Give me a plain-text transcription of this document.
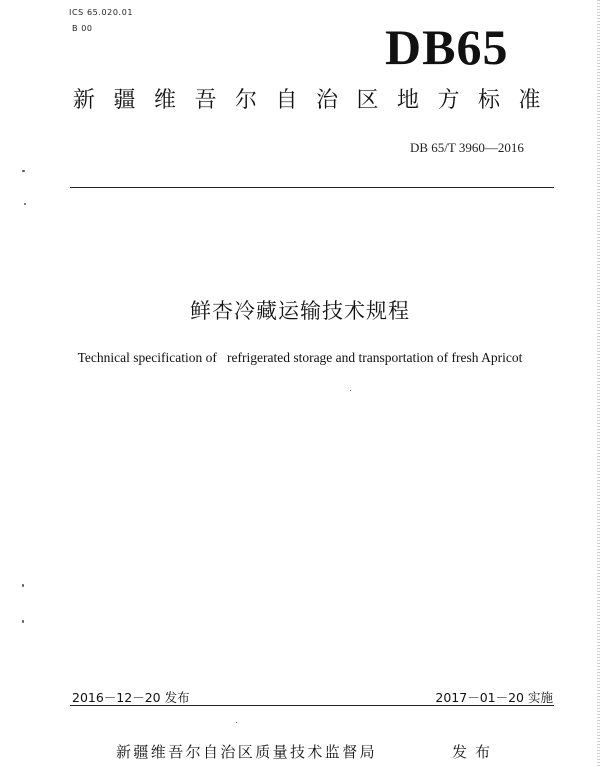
ICS 65.020.01
B 00	DB65
新疆维吾尔自治区地方标准
DB 65/T 3960—2016
鲜杏冷藏运输技术规程
Technical specification of   refrigerated storage and transportation of fresh Apricot
2016－12－20 发布	2017－01－20 实施
新疆维吾尔自治区质量技术监督局	发布
